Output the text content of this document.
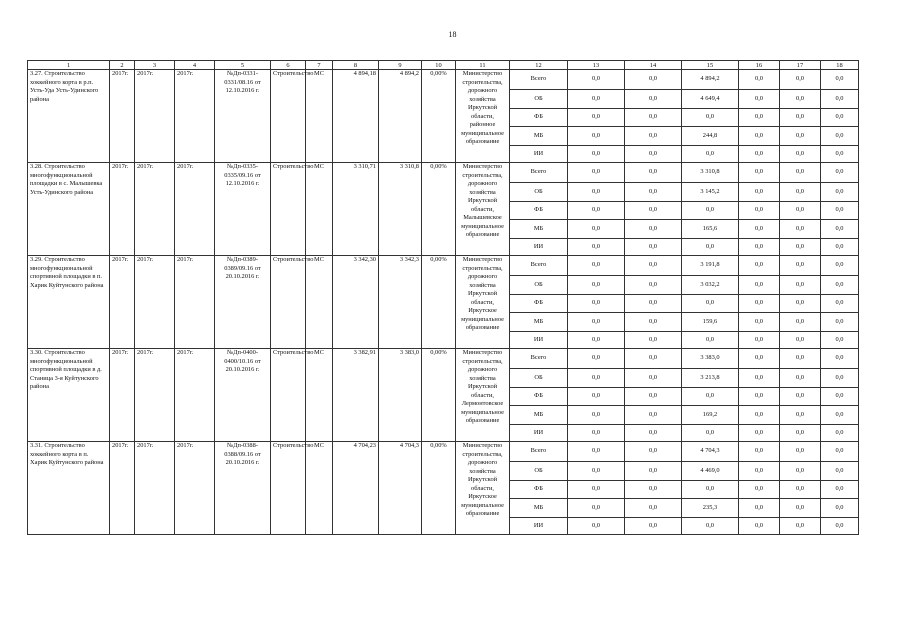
18
1	2	3	4	5	6	7	8	9	10	11	12	13	14	15	16	17	18
3.27. Строительство хоккейного корта в р.п. Усть-Уда Усть-Удинского района	2017г.	2017г.	2017г.	№Дп-0331-0331/08.16 от 12.10.2016 г.	Строительство	МС	4 894,18	4 894,2	0,00%	Министерство строительства, дорожного хозяйства Иркутской области, районное муниципальное образование	Всего	0,0	0,0	4 894,2	0,0	0,0	0,0
											ОБ	0,0	0,0	4 649,4	0,0	0,0	0,0
											ФБ	0,0	0,0	0,0	0,0	0,0	0,0
											МБ	0,0	0,0	244,8	0,0	0,0	0,0
											ИИ	0,0	0,0	0,0	0,0	0,0	0,0
3.28. Строительство многофункциональной площадки в с. Малышевка Усть-Удинского района	2017г.	2017г.	2017г.	№Дп-0335-0335/09.16 от 12.10.2016 г.	Строительство	МС	3 310,71	3 310,8	0,00%	Министерство строительства, дорожного хозяйства Иркутской области, Малышевское муниципальное образование	Всего	0,0	0,0	3 310,8	0,0	0,0	0,0
											ОБ	0,0	0,0	3 145,2	0,0	0,0	0,0
											ФБ	0,0	0,0	0,0	0,0	0,0	0,0
											МБ	0,0	0,0	165,6	0,0	0,0	0,0
											ИИ	0,0	0,0	0,0	0,0	0,0	0,0
3.29. Строительство многофункциональной спортивной площадки в п. Харик Куйтунского района	2017г.	2017г.	2017г.	№Дп-0389-0389/09.16 от 20.10.2016 г.	Строительство	МС	3 342,30	3 342,3	0,00%	Министерство строительства, дорожного хозяйства Иркутской области, Иркутское муниципальное образование	Всего	0,0	0,0	3 191,8	0,0	0,0	0,0
											ОБ	0,0	0,0	3 032,2	0,0	0,0	0,0
											ФБ	0,0	0,0	0,0	0,0	0,0	0,0
											МБ	0,0	0,0	159,6	0,0	0,0	0,0
											ИИ	0,0	0,0	0,0	0,0	0,0	0,0
3.30. Строительство многофункциональной спортивной площадки в д. Станица 3-я Куйтунского района	2017г.	2017г.	2017г.	№Дп-0400-0400/10.16 от 20.10.2016 г.	Строительство	МС	3 382,91	3 383,0	0,00%	Министерство строительства, дорожного хозяйства Иркутской области, Лермонтовское муниципальное образование	Всего	0,0	0,0	3 383,0	0,0	0,0	0,0
											ОБ	0,0	0,0	3 213,8	0,0	0,0	0,0
											ФБ	0,0	0,0	0,0	0,0	0,0	0,0
											МБ	0,0	0,0	169,2	0,0	0,0	0,0
											ИИ	0,0	0,0	0,0	0,0	0,0	0,0
3.31. Строительство хоккейного корта в п. Харик Куйтунского района	2017г.	2017г.	2017г.	№Дп-0388-0388/09.16 от 20.10.2016 г.	Строительство	МС	4 704,23	4 704,3	0,00%	Министерство строительства, дорожного хозяйства Иркутской области, Иркутское муниципальное образование	Всего	0,0	0,0	4 704,3	0,0	0,0	0,0
											ОБ	0,0	0,0	4 469,0	0,0	0,0	0,0
											ФБ	0,0	0,0	0,0	0,0	0,0	0,0
											МБ	0,0	0,0	235,3	0,0	0,0	0,0
											ИИ	0,0	0,0	0,0	0,0	0,0	0,0
